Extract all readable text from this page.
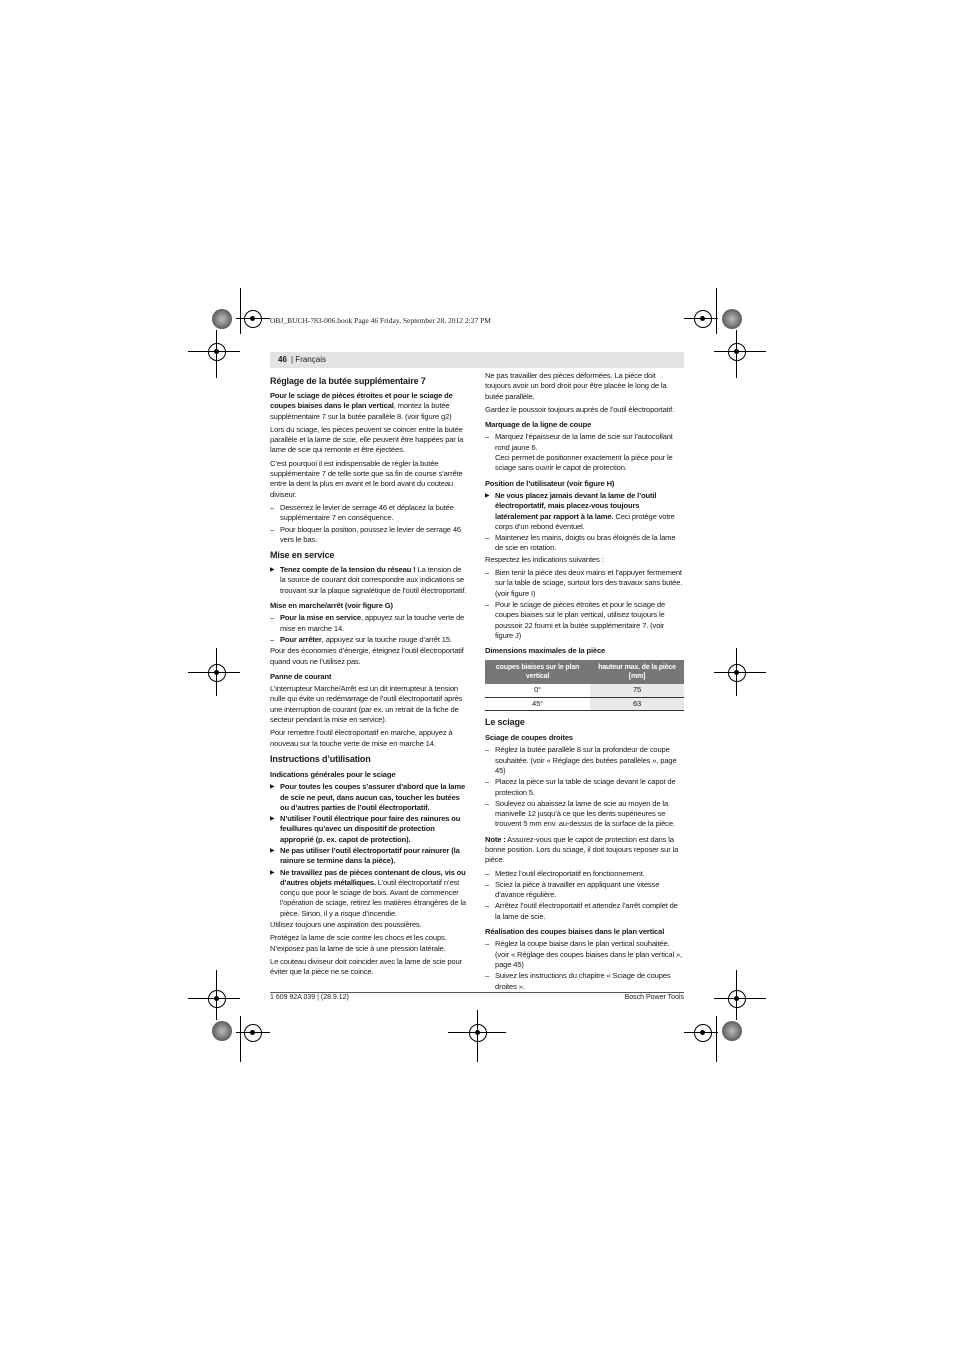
OBJ_BUCH-783-006.book Page 46 Friday, September 28, 2012 2:27 PM
46 | Français
Réglage de la butée supplémentaire 7

Pour le sciage de pièces étroites et pour le sciage de coupes biaises dans le plan vertical, montez la butée supplémentaire 7 sur la butée parallèle 8. (voir figure g2)

Lors du sciage, les pièces peuvent se coincer entre la butée parallèle et la lame de scie, elle peuvent être happées par la lame de scie qui remonte et être éjectées.

C’est pourquoi il est indispensable de régler la butée supplémentaire 7 de telle sorte que sa fin de course s’arrête entre la dent la plus en avant et le bord avant du couteau diviseur.

– Desserrez le levier de serrage 46 et déplacez la butée supplémentaire 7 en conséquence.
– Pour bloquer la position, poussez le levier de serrage 46 vers le bas.
Mise en service
▶ Tenez compte de la tension du réseau ! La tension de la source de courant doit correspondre aux indications se trouvant sur la plaque signalétique de l’outil électroportatif.
Mise en marche/arrêt (voir figure G)
– Pour la mise en service, appuyez sur la touche verte de mise en marche 14.
– Pour arrêter, appuyez sur la touche rouge d’arrêt 15.

Pour des économies d’énergie, éteignez l’outil électroportatif quand vous ne l’utilisez pas.

Panne de courant

L’interrupteur Marche/Arrêt est un dit interrupteur à tension nulle qui évite un redémarrage de l’outil électroportatif après une interruption de courant (par ex. un retrait de la fiche de secteur pendant la mise en service).

Pour remettre l’outil électroportatif en marche, appuyez à nouveau sur la touche verte de mise en marche 14.

Instructions d’utilisation
Indications générales pour le sciage
▶ Pour toutes les coupes s’assurer d’abord que la lame de scie ne peut, dans aucun cas, toucher les butées ou d’autres parties de l’outil électroportatif.
▶ N’utiliser l’outil électrique pour faire des rainures ou feuillures qu’avec un dispositif de protection approprié (p. ex. capot de protection).
▶ Ne pas utiliser l’outil électroportatif pour rainurer (la rainure se termine dans la pièce).
▶ Ne travaillez pas de pièces contenant de clous, vis ou d’autres objets métalliques. L’outil électroportatif n’est conçu que pour le sciage de bois. Avant de commencer l’opération de sciage, retirez les matières étrangères de la pièce. Sinon, il y a risque d’incendie.

Utilisez toujours une aspiration des poussières.

Protégez la lame de scie contre les chocs et les coups. N’exposez pas la lame de scie à une pression latérale.

Le couteau diviseur doit coincider avec la lame de scie pour éviter que la pièce ne se coince.

Ne pas travailler des pièces déformées. La pièce doit toujours avoir un bord droit pour être placée le long de la butée parallèle.

Gardez le poussoir toujours auprès de l’outil électroportatif.

Marquage de la ligne de coupe
– Marquez l’épaisseur de la lame de scie sur l’autocollant rond jaune 6.
Ceci permet de positionner exactement la pièce pour le sciage sans ouvrir le capot de protection.
Position de l’utilisateur (voir figure H)
▶ Ne vous placez jamais devant la lame de l’outil électroportatif, mais placez-vous toujours latéralement par rapport à la lame. Ceci protège votre corps d’un rebond éventuel.
– Maintenez les mains, doigts ou bras éloignés de la lame de scie en rotation.

Respectez les indications suivantes :

– Bien tenir la pièce des deux mains et l’appuyer fermement sur la table de sciage, surtout lors des travaux sans butée. (voir figure I)
– Pour le sciage de pièces étroites et pour le sciage de coupes biaises sur le plan vertical, utilisez toujours le poussoir 22 fourni et la butée supplémentaire 7. (voir figure J)
Dimensions maximales de la pièce
coupes biaises sur le plan vertical	hauteur max. de la pièce [mm]
0°	75
45°	63
Le sciage
Sciage de coupes droites
– Réglez la butée parallèle 8 sur la profondeur de coupe souhaitée. (voir « Réglage des butées parallèles », page 45)
– Placez la pièce sur la table de sciage devant le capot de protection 5.
– Soulevez ou abaissez la lame de scie au moyen de la manivelle 12 jusqu’à ce que les dents supérieures se trouvent 5 mm env. au-dessus de la surface de la pièce.

Note : Assurez-vous que le capot de protection est dans la bonne position. Lors du sciage, il doit toujours reposer sur la pièce.

– Mettez l’outil électroportatif en fonctionnement.
– Sciez la pièce à travailler en appliquant une vitesse d’avance régulière.
– Arrêtez l’outil électroportatif et attendez l’arrêt complet de la lame de scie.
Réalisation des coupes biaises dans le plan vertical
– Réglez la coupe biaise dans le plan vertical souhaitée. (voir « Réglage des coupes biaises dans le plan vertical », page 45)
– Suivez les instructions du chapitre « Sciage de coupes droites ».
1 609 92A 039 | (28.9.12)	Bosch Power Tools
